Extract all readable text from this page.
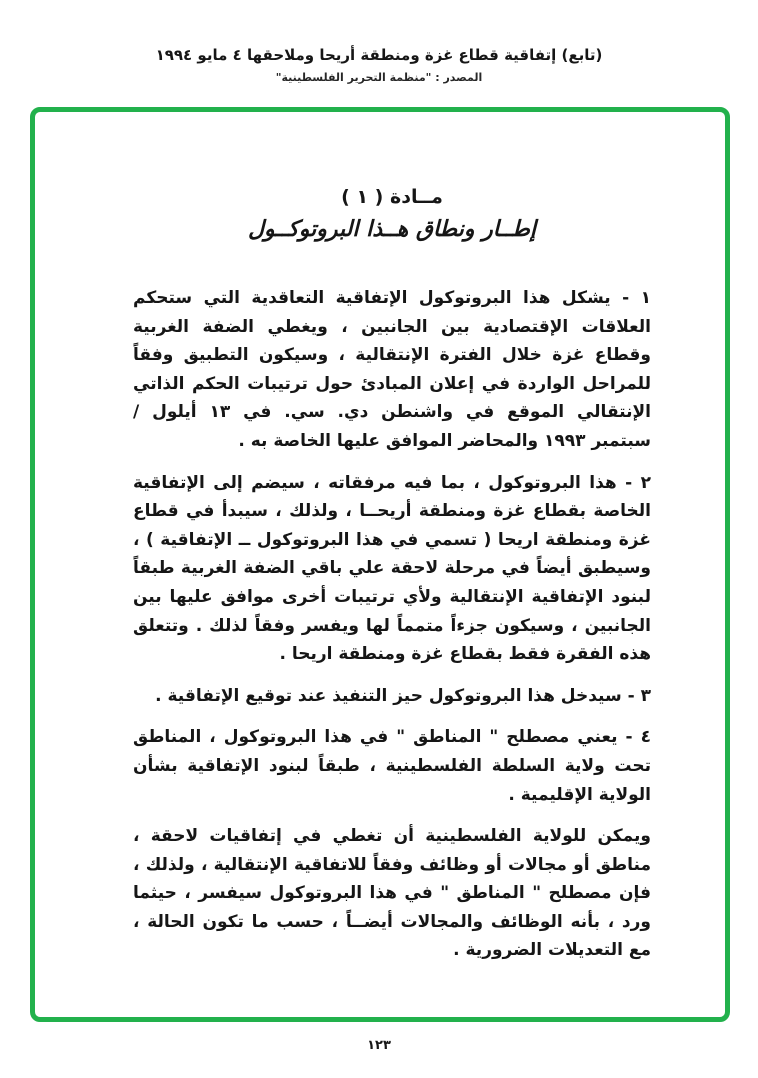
(تابع) إتفاقية قطاع غزة ومنطقة أريحا وملاحقها ٤ مايو ١٩٩٤
المصدر : "منظمة التحرير الفلسطينية"
مــادة ( ١ )
إطــار ونطاق هــذا البروتوكــول

١ - يشكل هذا البروتوكول الإتفاقية التعاقدية التي ستحكم العلاقات الإقتصادية بين الجانبين ، ويغطي الضفة الغربية وقطاع غزة خلال الفترة الإنتقالية ، وسيكون التطبيق وفقاً للمراحل الواردة في إعلان المبادئ حول ترتيبات الحكم الذاتي الإنتقالي الموقع في واشنطن دي. سي. في ١٣ أيلول / سبتمبر ١٩٩٣ والمحاضر الموافق عليها الخاصة به .

٢ - هذا البروتوكول ، بما فيه مرفقاته ، سيضم إلى الإتفاقية الخاصة بقطاع غزة ومنطقة أريحــا ، ولذلك ، سيبدأ في قطاع غزة ومنطقة اريحا ( تسمي في هذا البروتوكول ــ الإتفاقية ) ، وسيطبق أيضاً في مرحلة لاحقة علي باقي الضفة الغربية طبقاً لبنود الإتفاقية الإنتقالية ولأي ترتيبات أخرى موافق عليها بين الجانبين ، وسيكون جزءاً متمماً لها ويفسر وفقاً لذلك . وتتعلق هذه الفقرة فقط بقطاع غزة ومنطقة اريحا .

٣ - سيدخل هذا البروتوكول حيز التنفيذ عند توقيع الإتفاقية .

٤ - يعني مصطلح " المناطق " في هذا البروتوكول ، المناطق تحت ولاية السلطة الفلسطينية ، طبقاً لبنود الإتفاقية بشأن الولاية الإقليمية .

ويمكن للولاية الفلسطينية أن تغطي في إتفاقيات لاحقة ، مناطق أو مجالات أو وظائف وفقاً للاتفاقية الإنتقالية ، ولذلك ، فإن مصطلح " المناطق " في هذا البروتوكول سيفسر ، حيثما ورد ، بأنه الوظائف والمجالات أيضــاً ، حسب ما تكون الحالة ، مع التعديلات الضرورية .

١٢٣
